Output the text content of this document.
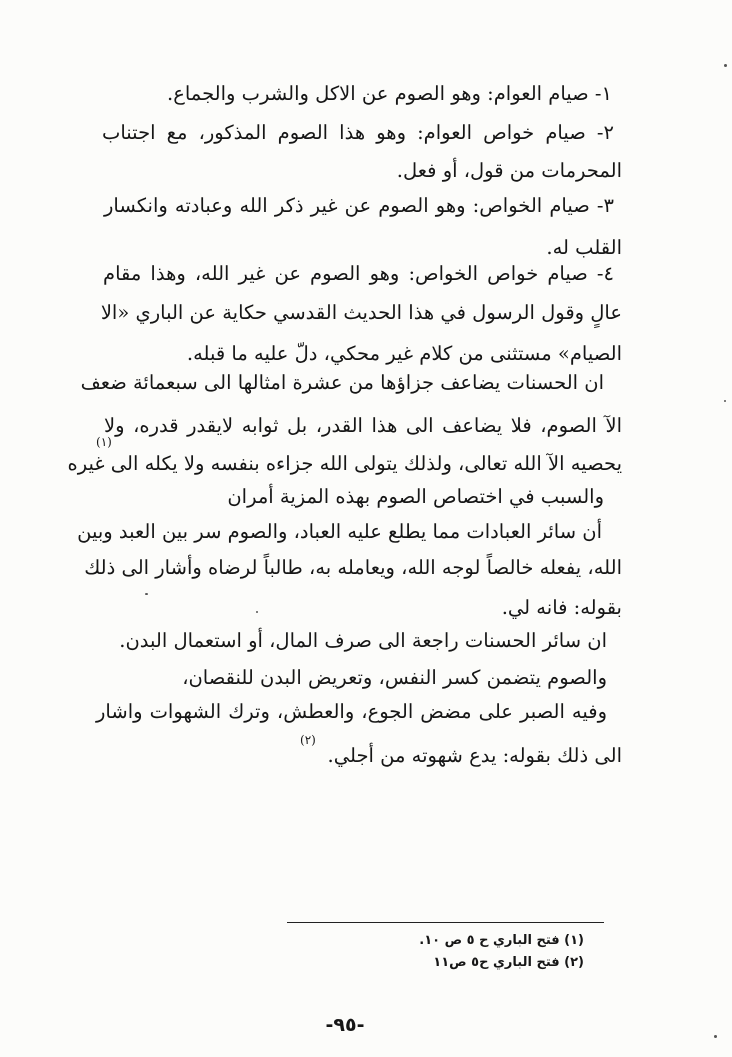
١- صيام العوام: وهو الصوم عن الاكل والشرب والجماع.
٢- صيام خواص العوام: وهو هذا الصوم المذكور، مع اجتناب
المحرمات من قول، أو فعل.
٣- صيام الخواص: وهو الصوم عن غير ذكر الله وعبادته وانكسار
القلب له.
٤- صيام خواص الخواص: وهو الصوم عن غير الله، وهذا مقام
عالٍ وقول الرسول في هذا الحديث القدسي حكاية عن الباري «الا
الصيام» مستثنى من كلام غير محكي، دلّ عليه ما قبله.
ان الحسنات يضاعف جزاؤها من عشرة امثالها الى سبعمائة ضعف
الآ الصوم، فلا يضاعف الى هذا القدر، بل ثوابه لايقدر قدره، ولا
يحصيه الآ الله تعالى، ولذلك يتولى الله جزاءه بنفسه ولا يكله الى غيره
(١)
والسبب في اختصاص الصوم بهذه المزية أمران
أن سائر العبادات مما يطلع عليه العباد، والصوم سر بين العبد وبين
الله، يفعله خالصاً لوجه الله، ويعامله به، طالباً لرضاه وأشار الى ذلك
بقوله: فانه لي.
ان سائر الحسنات راجعة الى صرف المال، أو استعمال البدن.
والصوم يتضمن كسر النفس، وتعريض البدن للنقصان،
وفيه الصبر على مضض الجوع، والعطش، وترك الشهوات واشار
الى ذلك بقوله: يدع شهوته من أجلي.
(٢)
(١) فتح الباري ح ٥ ص ١٠.
(٢) فتح الباري ح٥ ص١١
-٩٥-
